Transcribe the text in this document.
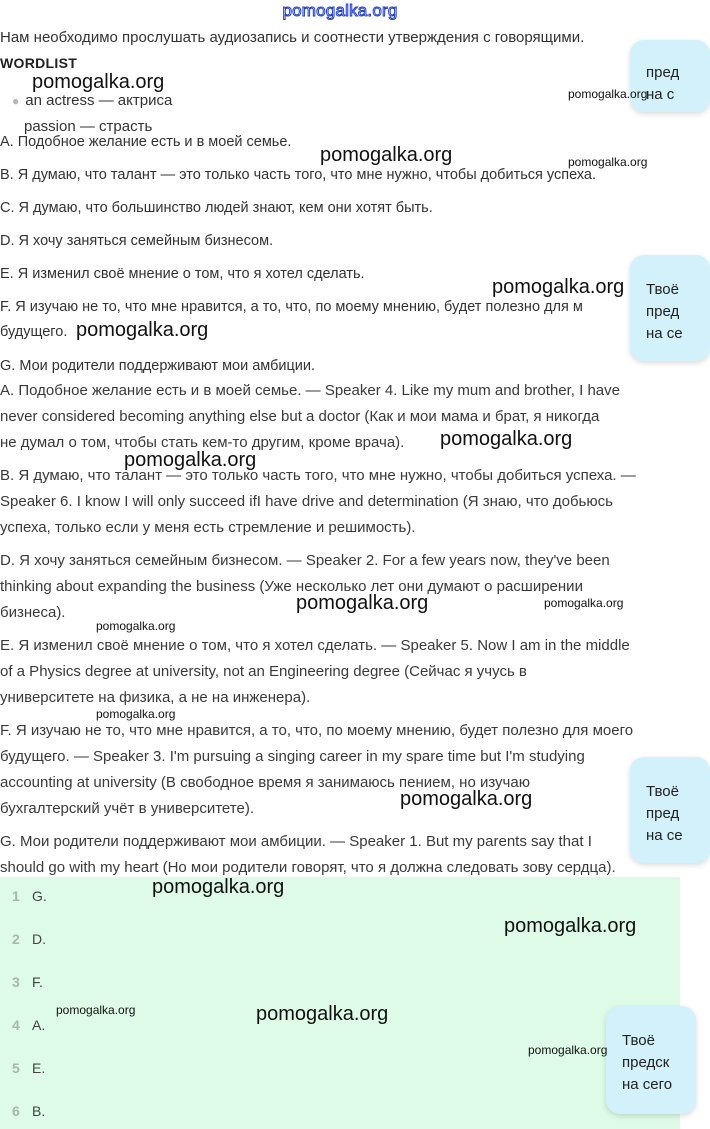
pomogalka.org
Нам необходимо прослушать аудиозапись и соотнести утверждения с говорящими.
WORDLIST
● an actress — актриса
passion — страсть
A. Подобное желание есть и в моей семье.
B. Я думаю, что талант — это только часть того, что мне нужно, чтобы добиться успеха.
C. Я думаю, что большинство людей знают, кем они хотят быть.
D. Я хочу заняться семейным бизнесом.
E. Я изменил своё мнение о том, что я хотел сделать.
F. Я изучаю не то, что мне нравится, а то, что, по моему мнению, будет полезно для м
будущего.
G. Мои родители поддерживают мои амбиции.
A. Подобное желание есть и в моей семье. — Speaker 4. Like my mum and brother, I have
never considered becoming anything else but a doctor (Как и мои мама и брат, я никогда
не думал о том, чтобы стать кем-то другим, кроме врача).
B. Я думаю, что талант — это только часть того, что мне нужно, чтобы добиться успеха. —
Speaker 6. I know I will only succeed ifI have drive and determination (Я знаю, что добьюсь
успеха, только если у меня есть стремление и решимость).
D. Я хочу заняться семейным бизнесом. — Speaker 2. For a few years now, they've been
thinking about expanding the business (Уже несколько лет они думают о расширении
бизнеса).
E. Я изменил своё мнение о том, что я хотел сделать. — Speaker 5. Now I am in the middle
of a Physics degree at university, not an Engineering degree (Сейчас я учусь в
университете на физика, а не на инженера).
F. Я изучаю не то, что мне нравится, а то, что, по моему мнению, будет полезно для моего
будущего. — Speaker 3. I'm pursuing a singing career in my spare time but I'm studying
accounting at university (В свободное время я занимаюсь пением, но изучаю
бухгалтерский учёт в университете).
G. Мои родители поддерживают мои амбиции. — Speaker 1. But my parents say that I
should go with my heart (Но мои родители говорят, что я должна следовать зову сердца).
1 G.
2 D.
3 F.
4 A.
5 E.
6 B.
пред
на с
Твоё
пред
на се
Твоё
пред
на се
Твоё
предск
на сего
pomogalka.org
pomogalka.org
pomogalka.org	pomogalka.org
pomogalka.org
pomogalka.org
pomogalka.org
pomogalka.org
pomogalka.org	pomogalka.org
pomogalka.org
pomogalka.org
pomogalka.org
pomogalka.org
pomogalka.org
pomogalka.org	pomogalka.org
pomogalka.org
